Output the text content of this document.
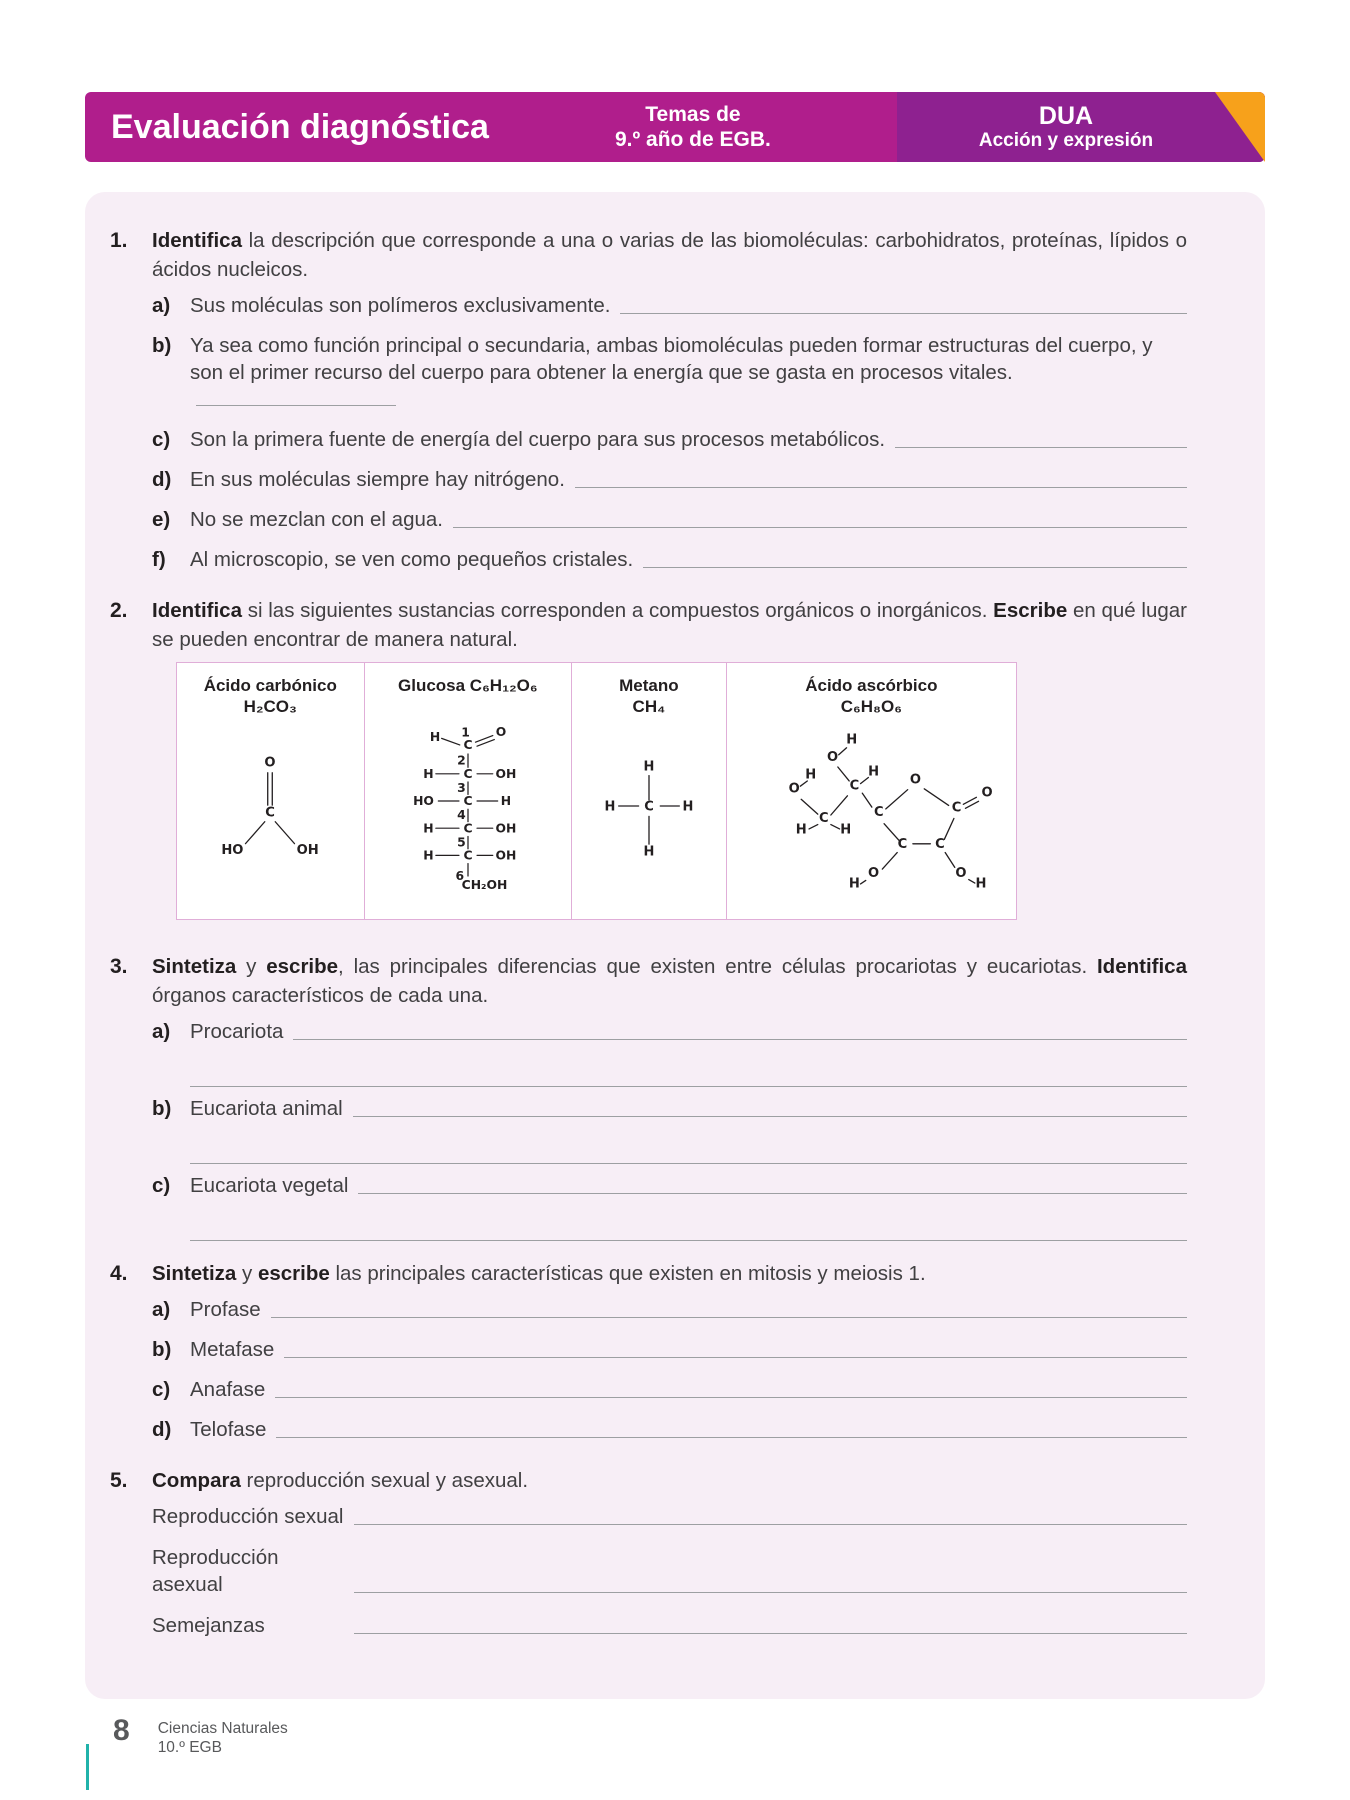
Evaluación diagnóstica	Temas de
9.º año de EGB.
DUA
Acción y expresión
1.	Identifica la descripción que corresponde a una o varias de las biomoléculas: carbohidratos, proteínas, lípidos o ácidos nucleicos.

a) Sus moléculas son polímeros exclusivamente.
b) Ya sea como función principal o secundaria, ambas biomoléculas pueden formar estructuras del cuerpo, y son el primer recurso del cuerpo para obtener la energía que se gasta en procesos vitales.
c) Son la primera fuente de energía del cuerpo para sus procesos metabólicos.
d) En sus moléculas siempre hay nitrógeno.
e) No se mezclan con el agua.
f)	Al microscopio, se ven como pequeños cristales.
2.	Identifica si las siguientes sustancias corresponden a compuestos orgánicos o inorgánicos. Escribe en qué lugar se pueden encontrar de manera natural.

Ácido carbónico
H₂CO₃
O
C
HO	OH
Glucosa C₆H₁₂O₆
H
C
O
1
H C OH
2
HO C H
3
H C OH
4
H C OH
5
CH₂OH
6
Metano
CH₄
C
H
H
H	H
Ácido ascórbico
C₆H₈O₆
H
O
C
H
O
H
C
H H
O
C
O
C
C
C
O
H
O
H
3.	Sintetiza y escribe, las principales diferencias que existen entre células procariotas y eucariotas. Identifica órganos característicos de cada una.

a) Procariota
b) Eucariota animal
c) Eucariota vegetal
4.	Sintetiza y escribe las principales características que existen en mitosis y meiosis 1.

a) Profase
b) Metafase
c) Anafase
d) Telofase
5.	Compara reproducción sexual y asexual.

Reproducción sexual
Reproducción asexual
Semejanzas
8 Ciencias Naturales
10.º EGB
